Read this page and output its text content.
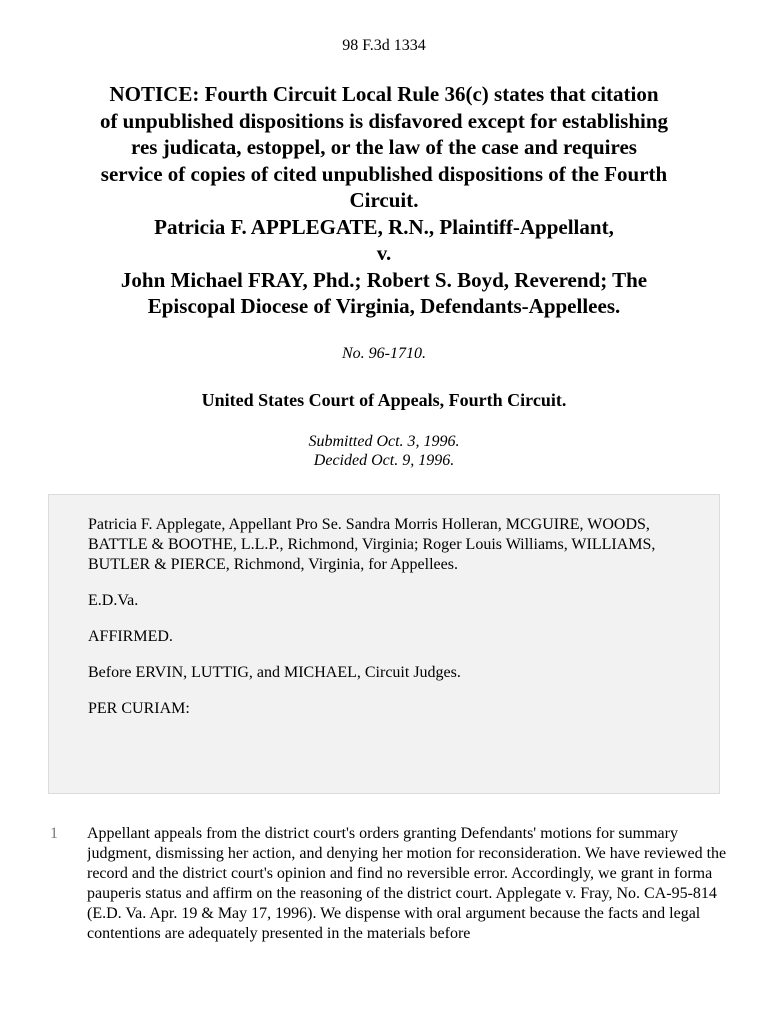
98 F.3d 1334
NOTICE: Fourth Circuit Local Rule 36(c) states that citation
of unpublished dispositions is disfavored except for establishing
res judicata, estoppel, or the law of the case and requires
service of copies of cited unpublished dispositions of the Fourth
Circuit.
Patricia F. APPLEGATE, R.N., Plaintiff-Appellant,
v.
John Michael FRAY, Phd.; Robert S. Boyd, Reverend; The
Episcopal Diocese of Virginia, Defendants-Appellees.
No. 96-1710.
United States Court of Appeals, Fourth Circuit.
Submitted Oct. 3, 1996.
Decided Oct. 9, 1996.

Patricia F. Applegate, Appellant Pro Se. Sandra Morris Holleran, MCGUIRE, WOODS, BATTLE & BOOTHE, L.L.P., Richmond, Virginia; Roger Louis Williams, WILLIAMS, BUTLER & PIERCE, Richmond, Virginia, for Appellees.

E.D.Va.

AFFIRMED.

Before ERVIN, LUTTIG, and MICHAEL, Circuit Judges.

PER CURIAM:

1 Appellant appeals from the district court's orders granting Defendants' motions for summary judgment, dismissing her action, and denying her motion for reconsideration. We have reviewed the record and the district court's opinion and find no reversible error. Accordingly, we grant in forma pauperis status and affirm on the reasoning of the district court. Applegate v. Fray, No. CA-95-814 (E.D. Va. Apr. 19 & May 17, 1996). We dispense with oral argument because the facts and legal contentions are adequately presented in the materials before
